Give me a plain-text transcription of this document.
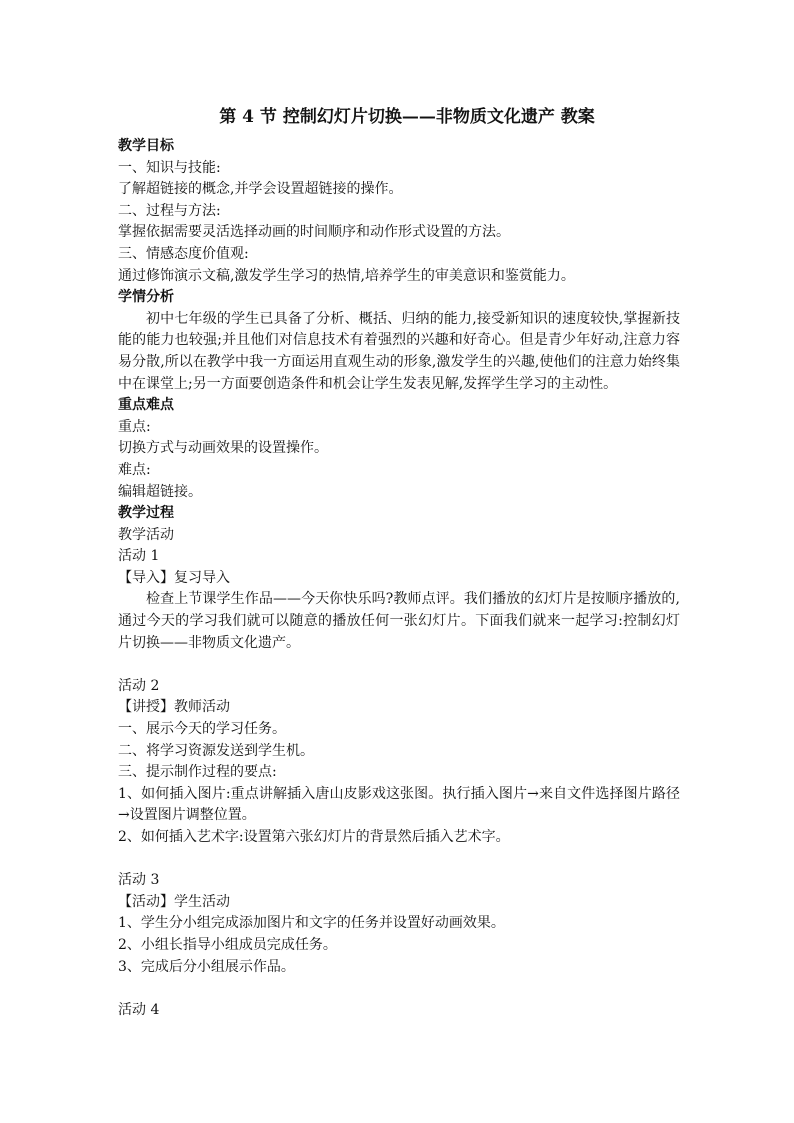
第 4 节 控制幻灯片切换——非物质文化遗产 教案
教学目标
一、知识与技能:
了解超链接的概念,并学会设置超链接的操作。
二、过程与方法:
掌握依据需要灵活选择动画的时间顺序和动作形式设置的方法。
三、情感态度价值观:
通过修饰演示文稿,激发学生学习的热情,培养学生的审美意识和鉴赏能力。
学情分析
初中七年级的学生已具备了分析、概括、归纳的能力,接受新知识的速度较快,掌握新技能的能力也较强;并且他们对信息技术有着强烈的兴趣和好奇心。但是青少年好动,注意力容易分散,所以在教学中我一方面运用直观生动的形象,激发学生的兴趣,使他们的注意力始终集中在课堂上;另一方面要创造条件和机会让学生发表见解,发挥学生学习的主动性。
重点难点
重点:
切换方式与动画效果的设置操作。
难点:
编辑超链接。
教学过程
教学活动
活动 1
【导入】复习导入
检查上节课学生作品——今天你快乐吗?教师点评。我们播放的幻灯片是按顺序播放的,通过今天的学习我们就可以随意的播放任何一张幻灯片。下面我们就来一起学习:控制幻灯片切换——非物质文化遗产。
活动 2
【讲授】教师活动
一、展示今天的学习任务。
二、将学习资源发送到学生机。
三、提示制作过程的要点:
1、如何插入图片:重点讲解插入唐山皮影戏这张图。执行插入图片→来自文件选择图片路径→设置图片调整位置。
2、如何插入艺术字:设置第六张幻灯片的背景然后插入艺术字。
活动 3
【活动】学生活动
1、学生分小组完成添加图片和文字的任务并设置好动画效果。
2、小组长指导小组成员完成任务。
3、完成后分小组展示作品。
活动 4
